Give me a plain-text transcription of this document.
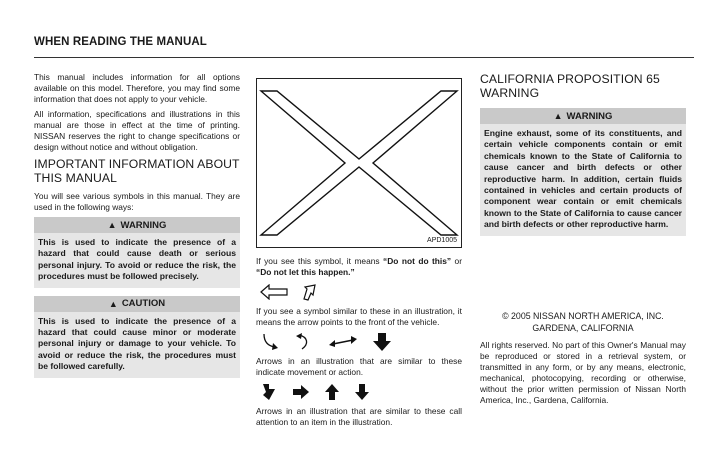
WHEN READING THE MANUAL

This manual includes information for all options available on this model. Therefore, you may find some information that does not apply to your vehicle.

All information, specifications and illustrations in this manual are those in effect at the time of printing. NISSAN reserves the right to change specifications or design without notice and without obligation.

IMPORTANT INFORMATION ABOUT THIS MANUAL

You will see various symbols in this manual. They are used in the following ways:

▲ WARNING
This is used to indicate the presence of a hazard that could cause death or serious personal injury. To avoid or reduce the risk, the procedures must be followed precisely.
▲ CAUTION
This is used to indicate the presence of a hazard that could cause minor or moderate personal injury or damage to your vehicle. To avoid or reduce the risk, the procedures must be followed carefully.
APD1005

If you see this symbol, it means “Do not do this” or “Do not let this happen.”

If you see a symbol similar to these in an illustration, it means the arrow points to the front of the vehicle.

Arrows in an illustration that are similar to these indicate movement or action.

Arrows in an illustration that are similar to these call attention to an item in the illustration.

CALIFORNIA PROPOSITION 65 WARNING
▲ WARNING
Engine exhaust, some of its constituents, and certain vehicle components contain or emit chemicals known to the State of California to cause cancer and birth defects or other reproductive harm. In addition, certain fluids contained in vehicles and certain products of component wear contain or emit chemicals known to the State of California to cause cancer and birth defects or other reproductive harm.
© 2005 NISSAN NORTH AMERICA, INC.
GARDENA, CALIFORNIA

All rights reserved. No part of this Owner's Manual may be reproduced or stored in a retrieval system, or transmitted in any form, or by any means, electronic, mechanical, photocopying, recording or otherwise, without the prior written permission of Nissan North America, Inc., Gardena, California.
